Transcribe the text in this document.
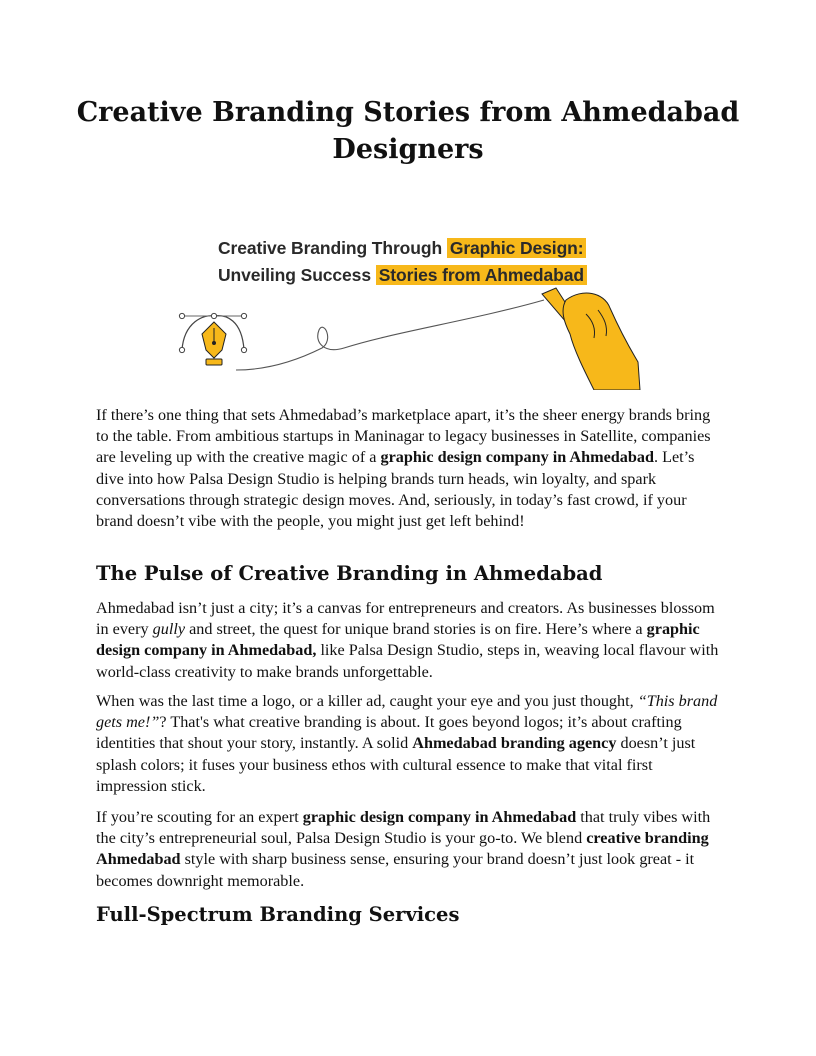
Creative Branding Stories from Ahmedabad Designers
Creative Branding Through Graphic Design:
Unveiling Success Stories from Ahmedabad

If there’s one thing that sets Ahmedabad’s marketplace apart, it’s the sheer energy brands bring to the table. From ambitious startups in Maninagar to legacy businesses in Satellite, companies are leveling up with the creative magic of a graphic design company in Ahmedabad. Let’s dive into how Palsa Design Studio is helping brands turn heads, win loyalty, and spark conversations through strategic design moves. And, seriously, in today’s fast crowd, if your brand doesn’t vibe with the people, you might just get left behind!

The Pulse of Creative Branding in Ahmedabad

Ahmedabad isn’t just a city; it’s a canvas for entrepreneurs and creators. As businesses blossom in every gully and street, the quest for unique brand stories is on fire. Here’s where a graphic design company in Ahmedabad, like Palsa Design Studio, steps in, weaving local flavour with world-class creativity to make brands unforgettable.

When was the last time a logo, or a killer ad, caught your eye and you just thought, “This brand gets me!”? That's what creative branding is about. It goes beyond logos; it’s about crafting identities that shout your story, instantly. A solid Ahmedabad branding agency doesn’t just splash colors; it fuses your business ethos with cultural essence to make that vital first impression stick.

If you’re scouting for an expert graphic design company in Ahmedabad that truly vibes with the city’s entrepreneurial soul, Palsa Design Studio is your go-to. We blend creative branding Ahmedabad style with sharp business sense, ensuring your brand doesn’t just look great - it becomes downright memorable.

Full-Spectrum Branding Services
